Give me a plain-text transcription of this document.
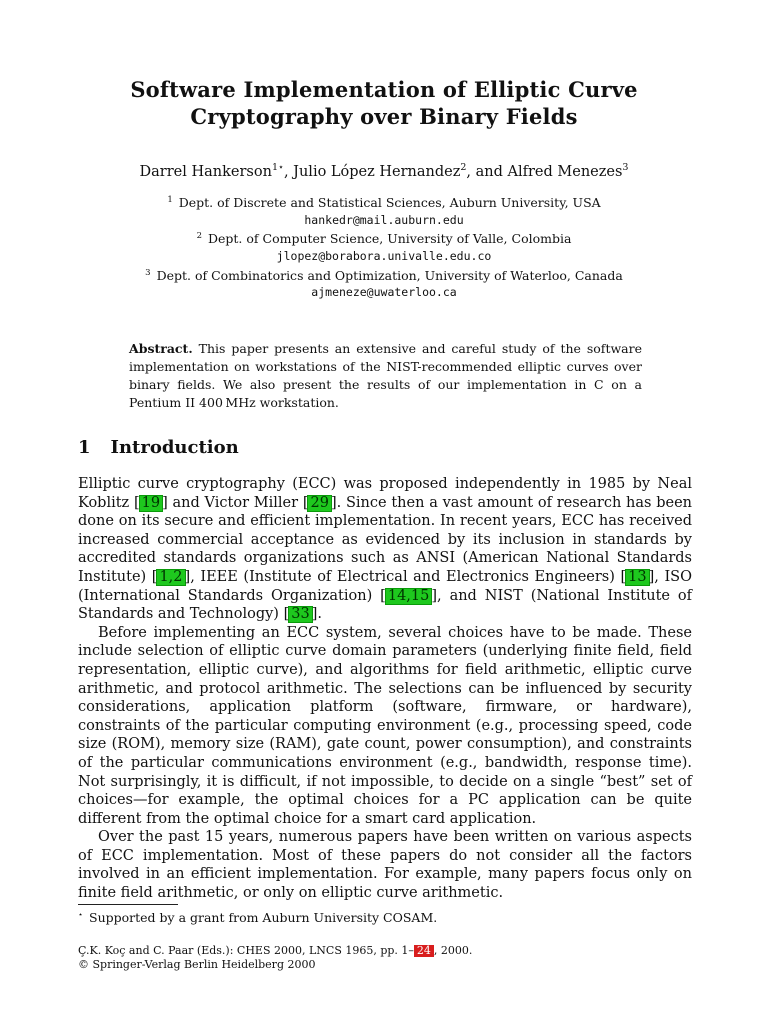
Software Implementation of Elliptic Curve
Cryptography over Binary Fields
Darrel Hankerson$^{1⋆}$, Julio López Hernandez$^2$, and Alfred Menezes$^3$
$^1$ Dept. of Discrete and Statistical Sciences, Auburn University, USA
hankedr@mail.auburn.edu
$^2$ Dept. of Computer Science, University of Valle, Colombia
jlopez@borabora.univalle.edu.co
$^3$ Dept. of Combinatorics and Optimization, University of Waterloo, Canada
ajmeneze@uwaterloo.ca
Abstract. This paper presents an extensive and careful study of the software implementation on workstations of the NIST-recommended elliptic curves over binary fields. We also present the results of our implementation in C on a Pentium II 400 MHz workstation.
1 Introduction

Elliptic curve cryptography (ECC) was proposed independently in 1985 by Neal Koblitz [ 19 ] and Victor Miller [ 29 ]. Since then a vast amount of research has been done on its secure and efficient implementation. In recent years, ECC has received increased commercial acceptance as evidenced by its inclusion in standards by accredited standards organizations such as ANSI (American National Standards Institute) [ 1,2 ], IEEE (Institute of Electrical and Electronics Engineers) [ 13 ], ISO (International Standards Organization) [ 14,15 ], and NIST (National Institute of Standards and Technology) [ 33 ].

Before implementing an ECC system, several choices have to be made. These include selection of elliptic curve domain parameters (underlying finite field, field representation, elliptic curve), and algorithms for field arithmetic, elliptic curve arithmetic, and protocol arithmetic. The selections can be influenced by security considerations, application platform (software, firmware, or hardware), constraints of the particular computing environment (e.g., processing speed, code size (ROM), memory size (RAM), gate count, power consumption), and constraints of the particular communications environment (e.g., bandwidth, response time). Not surprisingly, it is difficult, if not impossible, to decide on a single “best” set of choices—for example, the optimal choices for a PC application can be quite different from the optimal choice for a smart card application.

Over the past 15 years, numerous papers have been written on various aspects of ECC implementation. Most of these papers do not consider all the factors involved in an efficient implementation. For example, many papers focus only on finite field arithmetic, or only on elliptic curve arithmetic.

⋆ Supported by a grant from Auburn University COSAM.
Ç.K. Koç and C. Paar (Eds.): CHES 2000, LNCS 1965, pp. 1– 24 , 2000.
© Springer-Verlag Berlin Heidelberg 2000
